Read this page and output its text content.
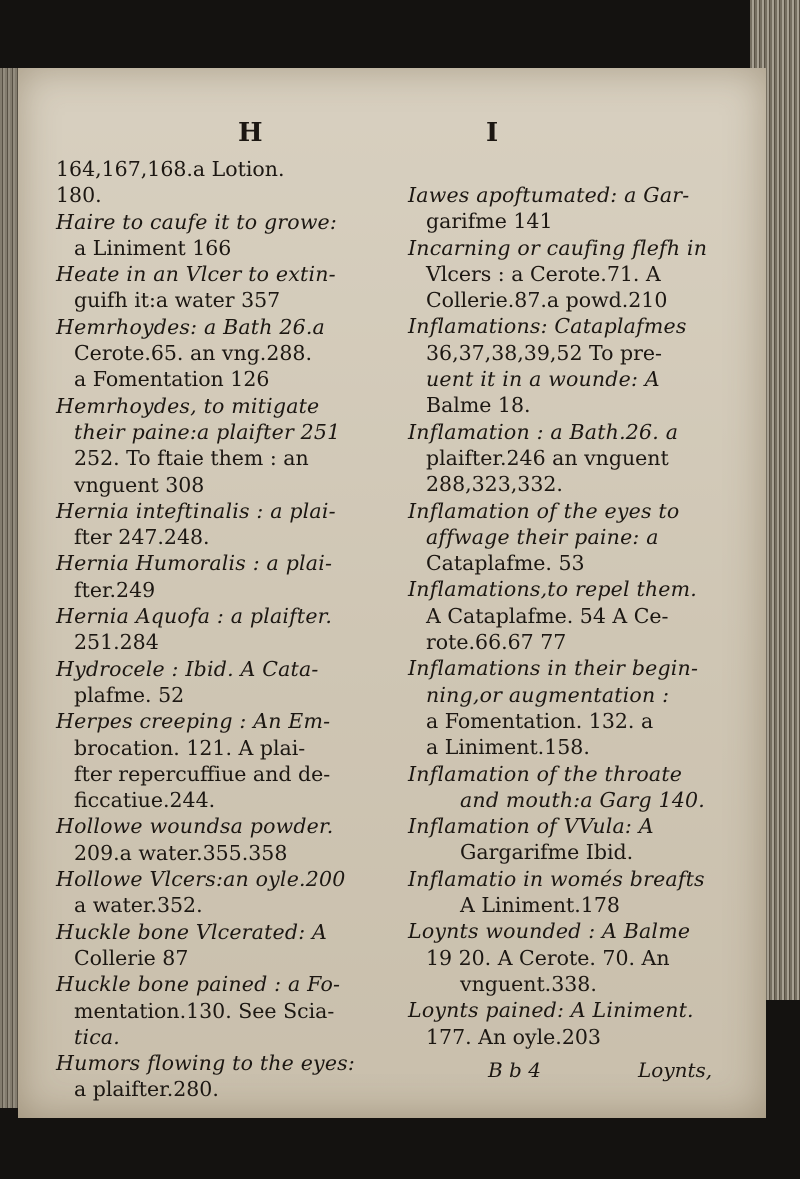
H	I
164,167,168.a Lotion.
180.
Haire to caufe it to growe:
a Liniment 166
Heate in an Vlcer to extin-
guifh it:a water 357
Hemrhoydes: a Bath 26.a
Cerote.65. an vng.288.
a Fomentation 126
Hemrhoydes, to mitigate
their paine:a plaifter 251
252. To ftaie them : an
vnguent 308
Hernia inteftinalis : a plai-
fter 247.248.
Hernia Humoralis : a plai-
fter.249
Hernia Aquofa : a plaifter.
251.284
Hydrocele : Ibid. A Cata-
plafme. 52
Herpes creeping : An Em-
brocation. 121. A plai-
fter repercuffiue and de-
ficcatiue.244.
Hollowe woundsa powder.
209.a water.355.358
Hollowe Vlcers:an oyle.200
a water.352.
Huckle bone Vlcerated: A
Collerie 87
Huckle bone pained : a Fo-
mentation.130. See Scia-
tica.
Humors flowing to the eyes:
a plaifter.280.
Iawes apoftumated: a Gar-
garifme 141
Incarning or caufing flefh in
Vlcers : a Cerote.71. A
Collerie.87.a powd.210
Inflamations: Cataplafmes
36,37,38,39,52 To pre-
uent it in a wounde: A
Balme 18.
Inflamation : a Bath.26. a
plaifter.246 an vnguent
288,323,332.
Inflamation of the eyes to
affwage their paine: a
Cataplafme. 53
Inflamations,to repel them.
A Cataplafme. 54 A Ce-
rote.66.67 77
Inflamations in their begin-
ning,or augmentation :
a Fomentation. 132. a
a Liniment.158.
Inflamation of the throate
and mouth:a Garg 140.
Inflamation of VVula: A
Gargarifme Ibid.
Inflamatio in womés breafts
A Liniment.178
Loynts wounded : A Balme
19 20. A Cerote. 70. An
vnguent.338.
Loynts pained: A Liniment.
177. An oyle.203
B b 4	Loynts,
